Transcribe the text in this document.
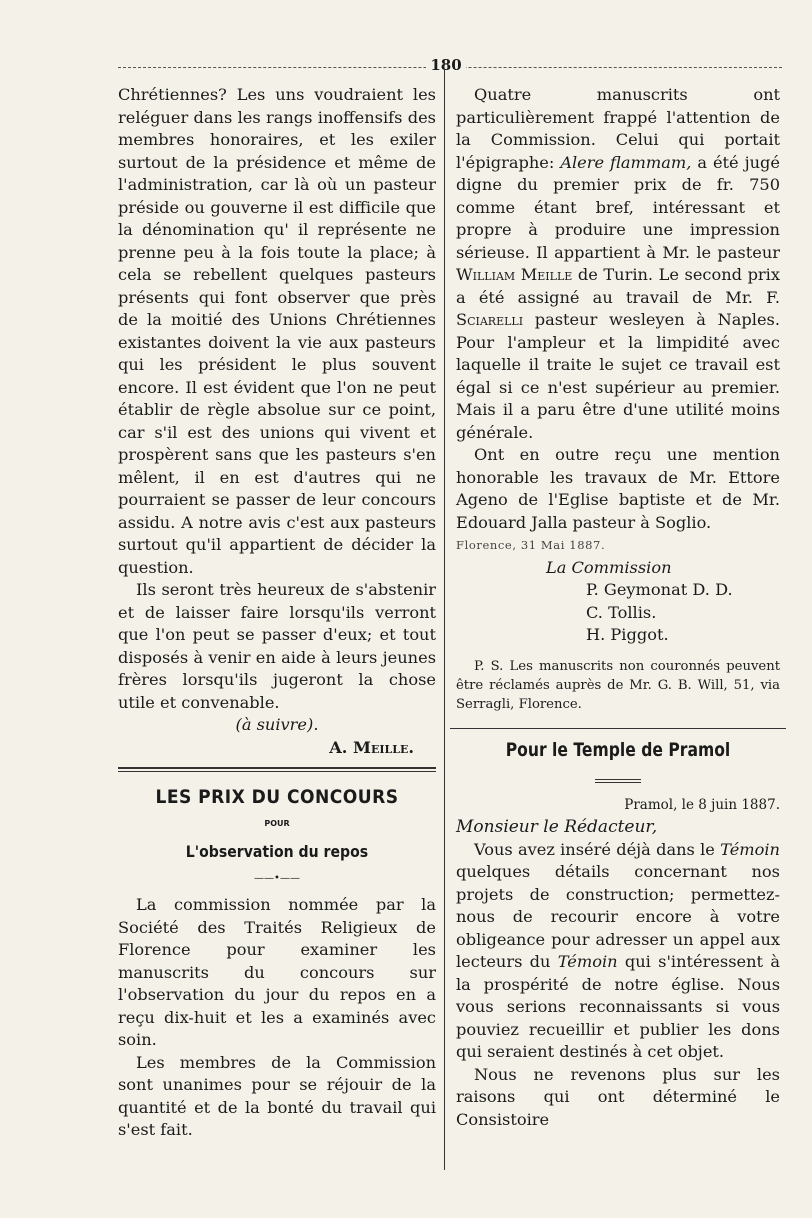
180

Chrétiennes? Les uns voudraient les reléguer dans les rangs inoffensifs des membres honoraires, et les exiler surtout de la présidence et même de l'administration, car là où un pasteur préside ou gouverne il est difficile que la dénomination qu' il représente ne prenne peu à la fois toute la place; à cela se rebellent quelques pasteurs présents qui font observer que près de la moitié des Unions Chrétiennes existantes doivent la vie aux pasteurs qui les président le plus souvent encore. Il est évident que l'on ne peut établir de règle absolue sur ce point, car s'il est des unions qui vivent et prospèrent sans que les pasteurs s'en mêlent, il en est d'autres qui ne pourraient se passer de leur concours assidu. A notre avis c'est aux pasteurs surtout qu'il appartient de décider la question.

Ils seront très heureux de s'abstenir et de laisser faire lorsqu'ils verront que l'on peut se passer d'eux; et tout disposés à venir en aide à leurs jeunes frères lorsqu'ils jugeront la chose utile et convenable.

(à suivre).

A. Meille.

LES PRIX DU CONCOURS
POUR
L'observation du repos
——•——

La commission nommée par la Société des Traités Religieux de Florence pour examiner les manuscrits du concours sur l'observation du jour du repos en a reçu dix-huit et les a examinés avec soin.

Les membres de la Commission sont unanimes pour se réjouir de la quantité et de la bonté du travail qui s'est fait.

Quatre manuscrits ont particulièrement frappé l'attention de la Commission. Celui qui portait l'épigraphe: Alere flammam, a été jugé digne du premier prix de fr. 750 comme étant bref, intéressant et propre à produire une impression sérieuse. Il appartient à Mr. le pasteur William Meille de Turin. Le second prix a été assigné au travail de Mr. F. Sciarelli pasteur wesleyen à Naples. Pour l'ampleur et la limpidité avec laquelle il traite le sujet ce travail est égal si ce n'est supérieur au premier. Mais il a paru être d'une utilité moins générale.

Ont en outre reçu une mention honorable les travaux de Mr. Ettore Ageno de l'Eglise baptiste et de Mr. Edouard Jalla pasteur à Soglio.

Florence, 31 Mai 1887.

La Commission

P. Geymonat D. D.

C. Tollis.

H. Piggot.

P. S. Les manuscrits non couronnés peuvent être réclamés auprès de Mr. G. B. Will, 51, via Serragli, Florence.

Pour le Temple de Pramol

Pramol, le 8 juin 1887.

Monsieur le Rédacteur,

Vous avez inséré déjà dans le Témoin quelques détails concernant nos projets de construction; permettez-nous de recourir encore à votre obligeance pour adresser un appel aux lecteurs du Témoin qui s'intéressent à la prospérité de notre église. Nous vous serions reconnaissants si vous pouviez recueillir et publier les dons qui seraient destinés à cet objet.

Nous ne revenons plus sur les raisons qui ont déterminé le Consistoire
